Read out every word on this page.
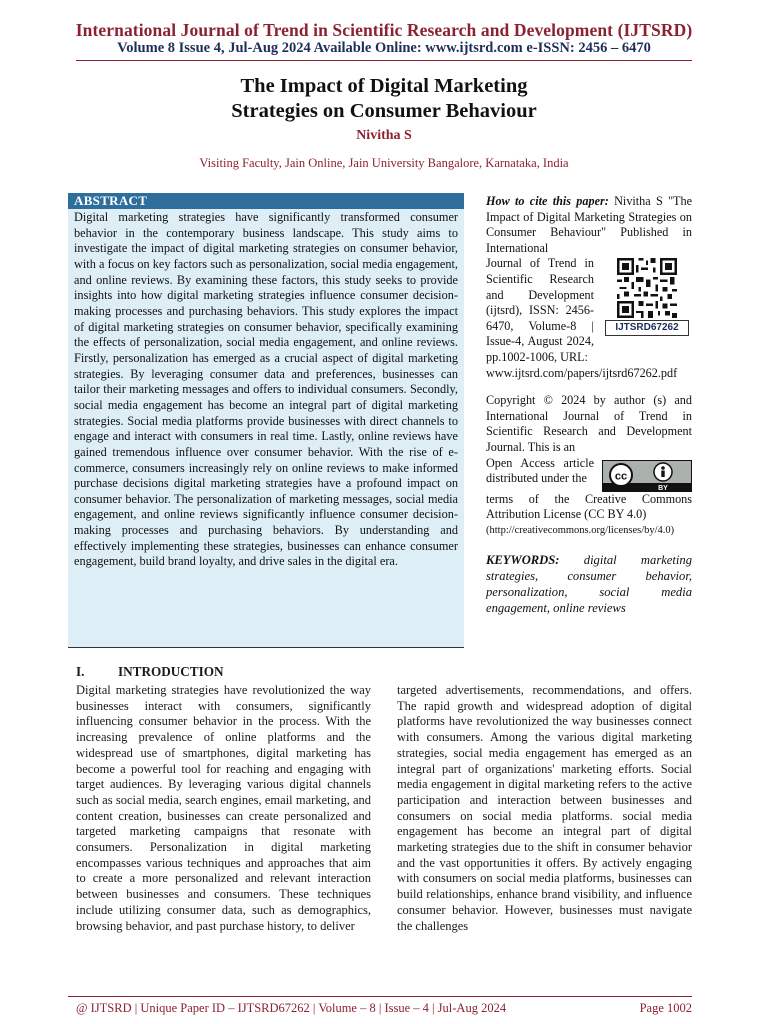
International Journal of Trend in Scientific Research and Development (IJTSRD)
Volume 8 Issue 4, Jul-Aug 2024 Available Online: www.ijtsrd.com e-ISSN: 2456 – 6470
The Impact of Digital Marketing
Strategies on Consumer Behaviour
Nivitha S
Visiting Faculty, Jain Online, Jain University Bangalore, Karnataka, India
ABSTRACT
Digital marketing strategies have significantly transformed consumer behavior in the contemporary business landscape. This study aims to investigate the impact of digital marketing strategies on consumer behavior, with a focus on key factors such as personalization, social media engagement, and online reviews. By examining these factors, this study seeks to provide insights into how digital marketing strategies influence consumer decision-making processes and purchasing behaviors. This study explores the impact of digital marketing strategies on consumer behavior, specifically examining the effects of personalization, social media engagement, and online reviews. Firstly, personalization has emerged as a crucial aspect of digital marketing strategies. By leveraging consumer data and preferences, businesses can tailor their marketing messages and offers to individual consumers. Secondly, social media engagement has become an integral part of digital marketing strategies. Social media platforms provide businesses with direct channels to engage and interact with consumers in real time. Lastly, online reviews have gained tremendous influence over consumer behavior. With the rise of e-commerce, consumers increasingly rely on online reviews to make informed purchase decisions digital marketing strategies have a profound impact on consumer behavior. The personalization of marketing messages, social media engagement, and online reviews significantly influence consumer decision-making processes and purchasing behaviors. By understanding and effectively implementing these strategies, businesses can enhance consumer engagement, build brand loyalty, and drive sales in the digital era.
How to cite this paper: Nivitha S "The Impact of Digital Marketing Strategies on Consumer Behaviour" Published in International
Journal of Trend in Scientific Research and Development (ijtsrd), ISSN: 2456-6470, Volume-8 | Issue-4, August 2024, pp.1002-1006, URL:
IJTSRD67262
www.ijtsrd.com/papers/ijtsrd67262.pdf
Copyright © 2024 by author (s) and International Journal of Trend in Scientific Research and Development Journal. This is an
Open Access article distributed under the	cc
BY
terms of the Creative Commons Attribution License (CC BY 4.0)
(http://creativecommons.org/licenses/by/4.0)
KEYWORDS: digital marketing strategies, consumer behavior, personalization, social media engagement, online reviews
I.	INTRODUCTION
Digital marketing strategies have revolutionized the way businesses interact with consumers, significantly influencing consumer behavior in the process. With the increasing prevalence of online platforms and the widespread use of smartphones, digital marketing has become a powerful tool for reaching and engaging with target audiences. By leveraging various digital channels such as social media, search engines, email marketing, and content creation, businesses can create personalized and targeted marketing campaigns that resonate with consumers. Personalization in digital marketing encompasses various techniques and approaches that aim to create a more personalized and relevant interaction between businesses and consumers. These techniques include utilizing consumer data, such as demographics, browsing behavior, and past purchase history, to deliver
targeted advertisements, recommendations, and offers. The rapid growth and widespread adoption of digital platforms have revolutionized the way businesses connect with consumers. Among the various digital marketing strategies, social media engagement has emerged as an integral part of organizations' marketing efforts. Social media engagement in digital marketing refers to the active participation and interaction between businesses and consumers on social media platforms. social media engagement has become an integral part of digital marketing strategies due to the shift in consumer behavior and the vast opportunities it offers. By actively engaging with consumers on social media platforms, businesses can build relationships, enhance brand visibility, and influence consumer behavior. However, businesses must navigate the challenges
@ IJTSRD | Unique Paper ID – IJTSRD67262 | Volume – 8 | Issue – 4 | Jul-Aug 2024	Page 1002
